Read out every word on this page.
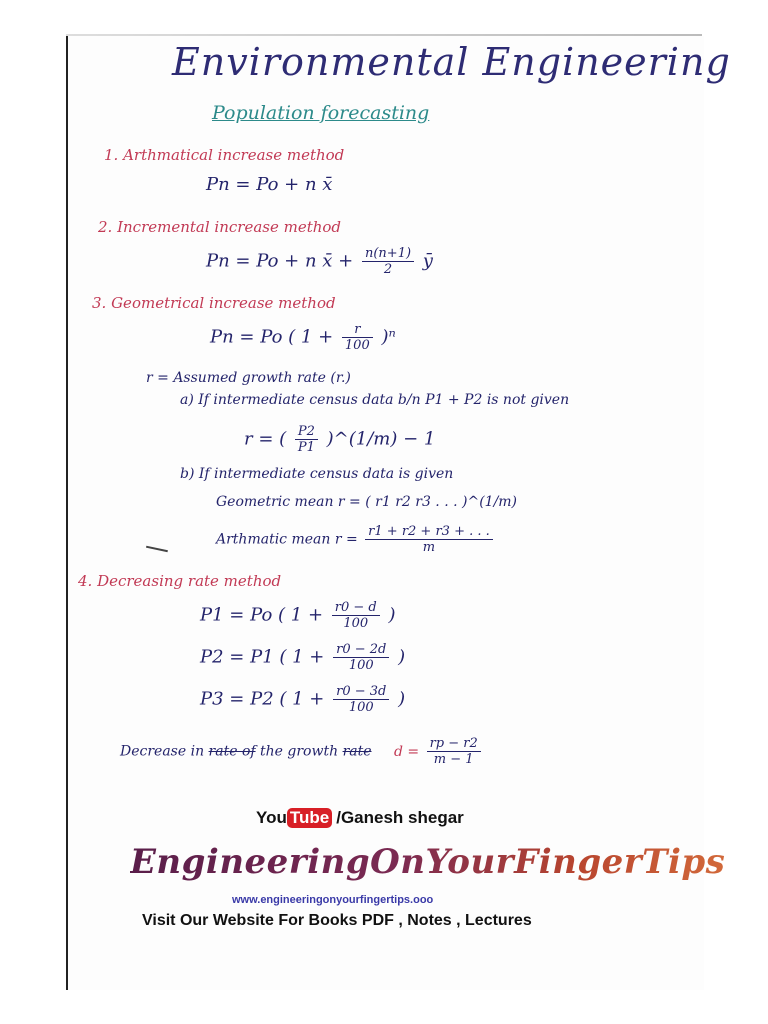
Environmental Engineering
Population forecasting
1. Arthmatical increase method
Pn = Po + n x̄
2. Incremental increase method
Pn = Po + n x̄ + $\frac{n(n+1)}{2}$ ȳ
3. Geometrical increase method
Pn = Po ( $1 + \frac{r}{100} )^n$
r = Assumed growth rate (r.)
a) If intermediate census data b/n P1 + P2 is not given
r = ( $\frac{P2}{P1}$ )^(1/m) − 1
b) If intermediate census data is given
Geometric mean r = ( r1 r2 r3 . . . )^(1/m)
Arthmatic mean $r = \frac{r1 + r2 + r3 + . . .}{m}$
4. Decreasing rate method
P1 = Po ( $1 + \frac{r0 - d}{100}$ )
P2 = P1 ( $1 + \frac{r0 - 2d}{100}$ )
P3 = P2 ( $1 + \frac{r0 - 3d}{100}$ )
Decrease in rate of the growth rate $d = \frac{rp - r2}{m - 1}$
You Tube /Ganesh shegar
EngineeringOnYourFingerTips
www.engineeringonyourfingertips.ooo
Visit Our Website For Books PDF , Notes , Lectures
